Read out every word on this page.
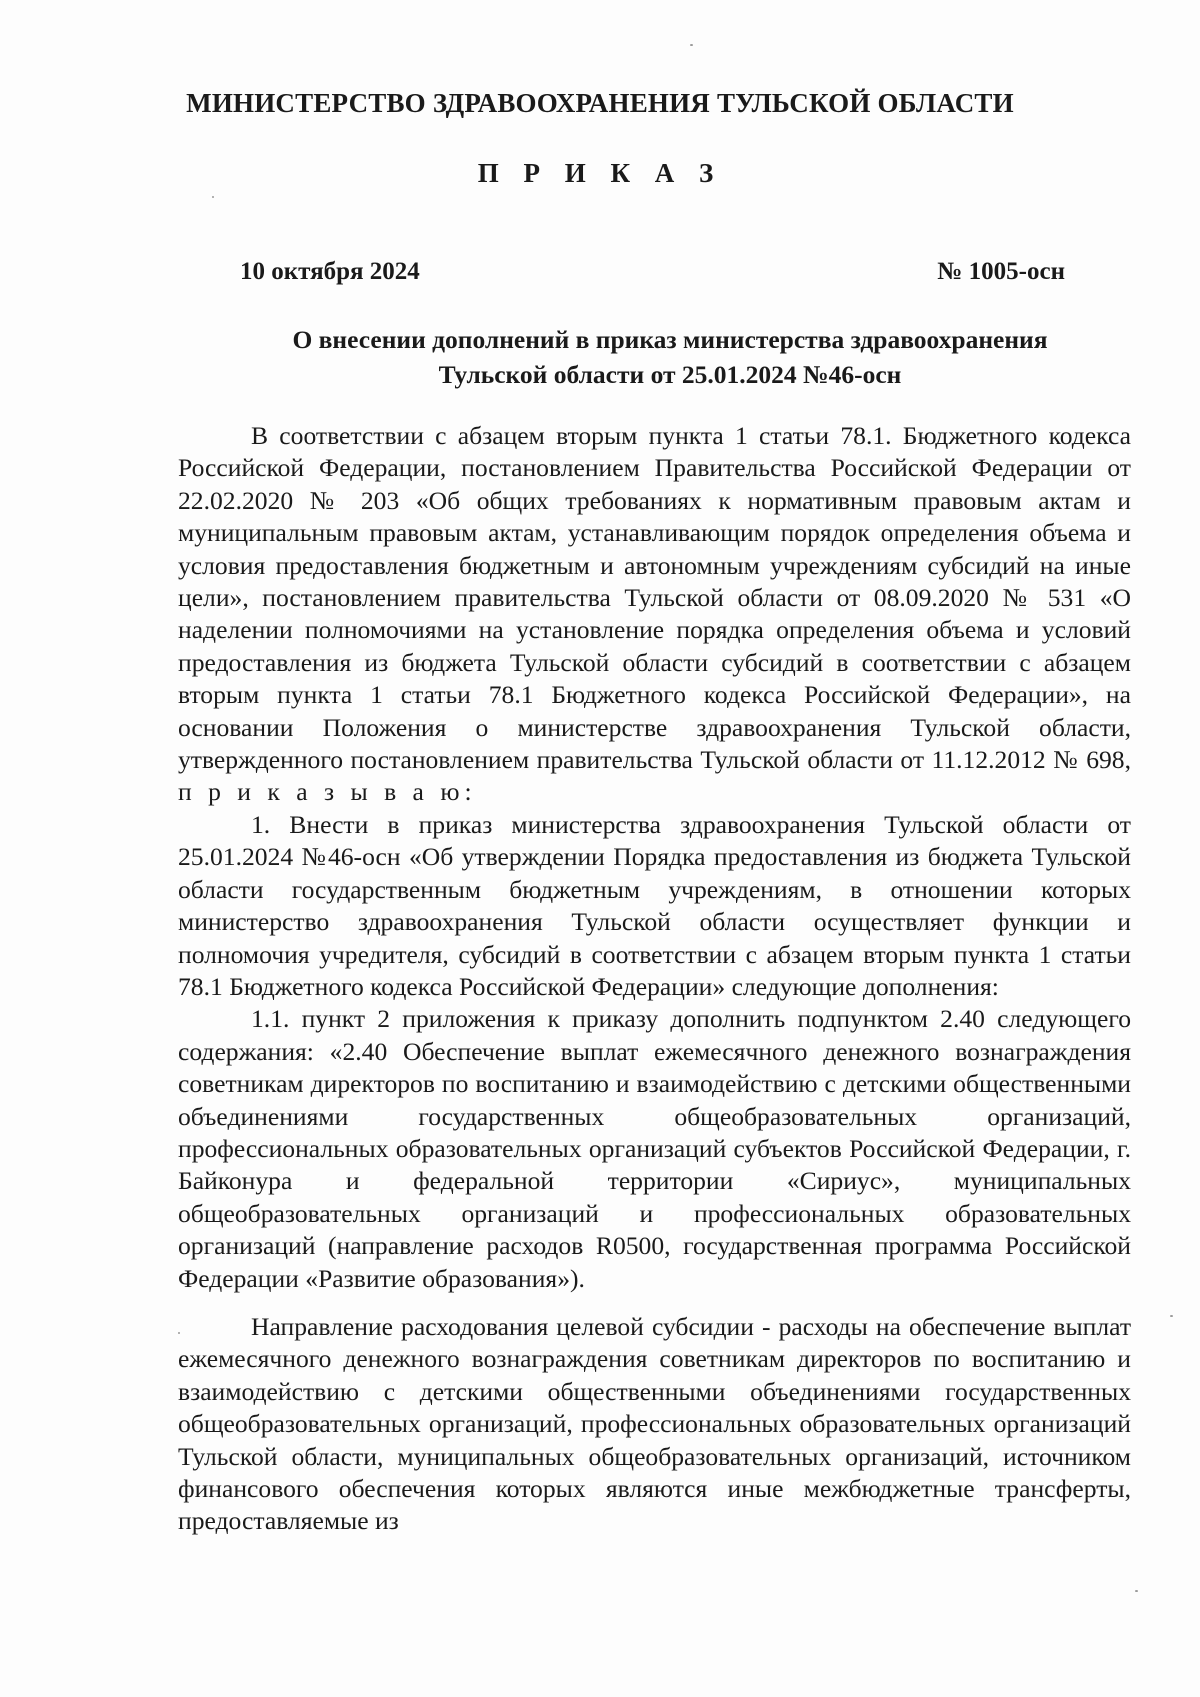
МИНИСТЕРСТВО ЗДРАВООХРАНЕНИЯ ТУЛЬСКОЙ ОБЛАСТИ
П Р И К А З
10 октября 2024	№ 1005-осн
О внесении дополнений в приказ министерства здравоохранения
Тульской области от 25.01.2024 №46-осн

В соответствии с абзацем вторым пункта 1 статьи 78.1. Бюджетного кодекса Российской Федерации, постановлением Правительства Российской Федерации от 22.02.2020 № 203 «Об общих требованиях к нормативным правовым актам и муниципальным правовым актам, устанавливающим порядок определения объема и условия предоставления бюджетным и автономным учреждениям субсидий на иные цели», постановлением правительства Тульской области от 08.09.2020 № 531 «О наделении полномочиями на установление порядка определения объема и условий предоставления из бюджета Тульской области субсидий в соответствии с абзацем вторым пункта 1 статьи 78.1 Бюджетного кодекса Российской Федерации», на основании Положения о министерстве здравоохранения Тульской области, утвержденного постановлением правительства Тульской области от 11.12.2012 № 698, п р и к а з ы в а ю:

1. Внести в приказ министерства здравоохранения Тульской области от 25.01.2024 №46-осн «Об утверждении Порядка предоставления из бюджета Тульской области государственным бюджетным учреждениям, в отношении которых министерство здравоохранения Тульской области осуществляет функции и полномочия учредителя, субсидий в соответствии с абзацем вторым пункта 1 статьи 78.1 Бюджетного кодекса Российской Федерации» следующие дополнения:

1.1. пункт 2 приложения к приказу дополнить подпунктом 2.40 следующего содержания: «2.40 Обеспечение выплат ежемесячного денежного вознаграждения советникам директоров по воспитанию и взаимодействию с детскими общественными объединениями государственных общеобразовательных организаций, профессиональных образовательных организаций субъектов Российской Федерации, г. Байконура и федеральной территории «Сириус», муниципальных общеобразовательных организаций и профессиональных образовательных организаций (направление расходов R0500, государственная программа Российской Федерации «Развитие образования»).

Направление расходования целевой субсидии - расходы на обеспечение выплат ежемесячного денежного вознаграждения советникам директоров по воспитанию и взаимодействию с детскими общественными объединениями государственных общеобразовательных организаций, профессиональных образовательных организаций Тульской области, муниципальных общеобразовательных организаций, источником финансового обеспечения которых являются иные межбюджетные трансферты, предоставляемые из
